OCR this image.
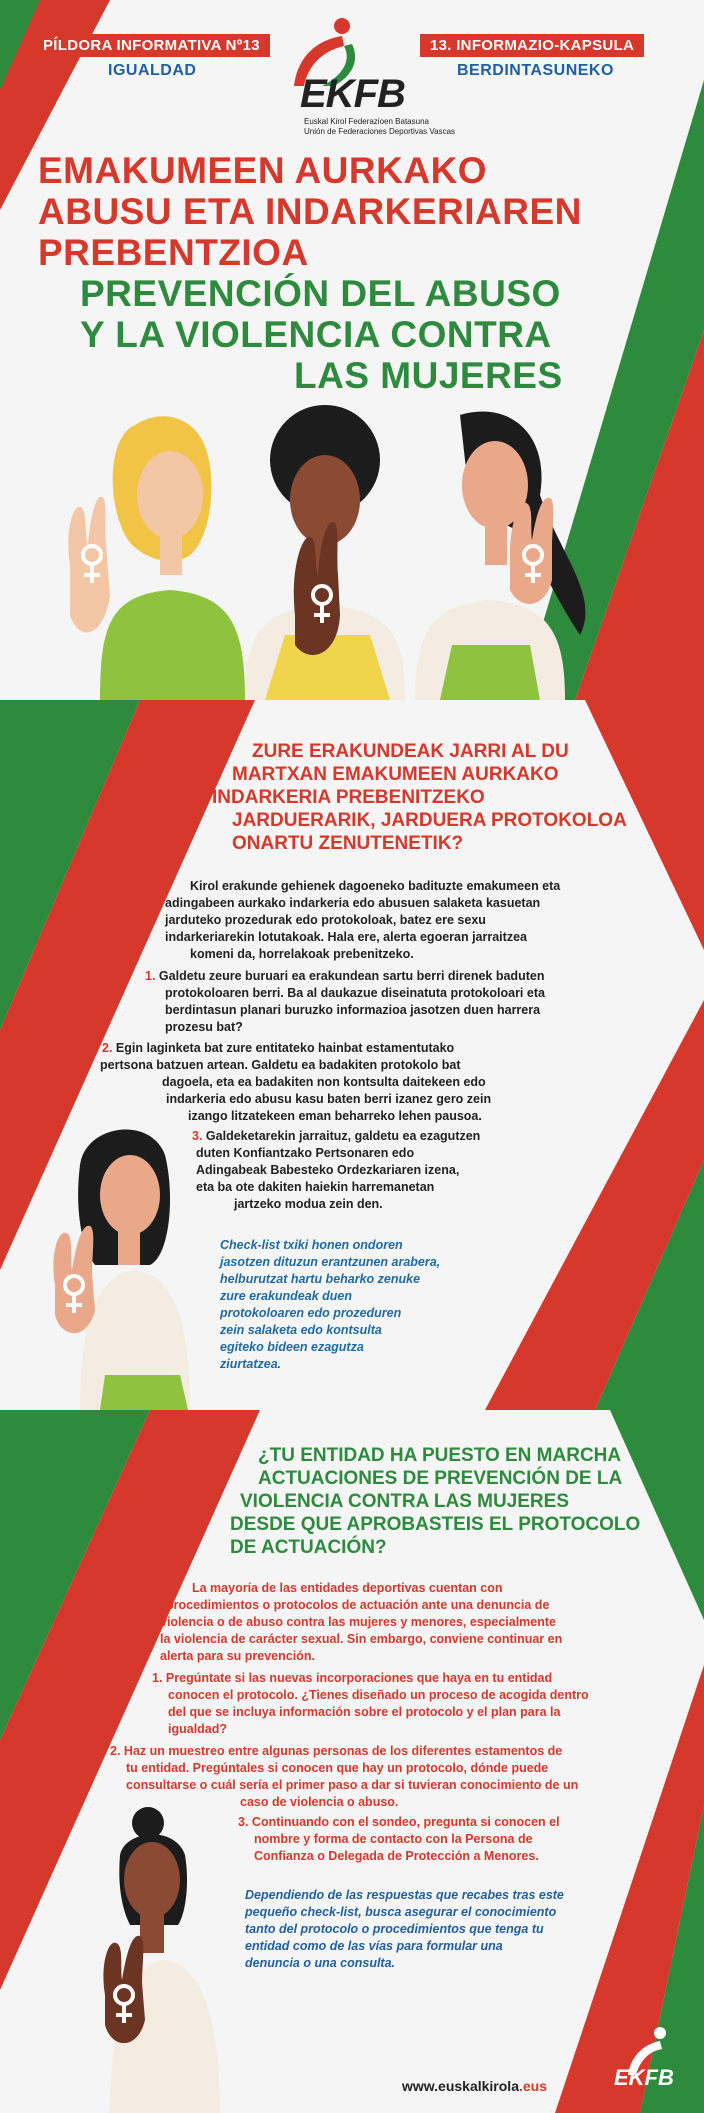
PÍLDORA INFORMATIVA Nº13
IGUALDAD
13. INFORMAZIO-KAPSULA
BERDINTASUNEKO
EKFB
Euskal Kirol Federazioen Batasuna
Unión de Federaciones Deportivas Vascas
EMAKUMEEN AURKAKO
ABUSU ETA INDARKERIAREN
PREBENTZIOA
PREVENCIÓN DEL ABUSO
Y LA VIOLENCIA CONTRA
LAS MUJERES
ZURE ERAKUNDEAK JARRI AL DU
MARTXAN EMAKUMEEN AURKAKO
INDARKERIA PREBENITZEKO
JARDUERARIK, JARDUERA PROTOKOLOA
ONARTU ZENUTENETIK?
Kirol erakunde gehienek dagoeneko badituzte emakumeen eta
adingabeen aurkako indarkeria edo abusuen salaketa kasuetan
jarduteko prozedurak edo protokoloak, batez ere sexu
indarkeriarekin lotutakoak. Hala ere, alerta egoeran jarraitzea
komeni da, horrelakoak prebenitzeko.
1. Galdetu zeure buruari ea erakundean sartu berri direnek baduten
protokoloaren berri. Ba al daukazue diseinatuta protokoloari eta
berdintasun planari buruzko informazioa jasotzen duen harrera
prozesu bat?
2. Egin laginketa bat zure entitateko hainbat estamentutako
pertsona batzuen artean. Galdetu ea badakiten protokolo bat
dagoela, eta ea badakiten non kontsulta daitekeen edo
indarkeria edo abusu kasu baten berri izanez gero zein
izango litzatekeen eman beharreko lehen pausoa.
3. Galdeketarekin jarraituz, galdetu ea ezagutzen
duten Konfiantzako Pertsonaren edo
Adingabeak Babesteko Ordezkariaren izena,
eta ba ote dakiten haiekin harremanetan
jartzeko modua zein den.
Check-list txiki honen ondoren
jasotzen dituzun erantzunen arabera,
helburutzat hartu beharko zenuke
zure erakundeak duen
protokoloaren edo prozeduren
zein salaketa edo kontsulta
egiteko bideen ezagutza
ziurtatzea.
¿TU ENTIDAD HA PUESTO EN MARCHA
ACTUACIONES DE PREVENCIÓN DE LA
VIOLENCIA CONTRA LAS MUJERES
DESDE QUE APROBASTEIS EL PROTOCOLO
DE ACTUACIÓN?
La mayoría de las entidades deportivas cuentan con
procedimientos o protocolos de actuación ante una denuncia de
violencia o de abuso contra las mujeres y menores, especialmente
la violencia de carácter sexual. Sin embargo, conviene continuar en
alerta para su prevención.
1. Pregúntate si las nuevas incorporaciones que haya en tu entidad
conocen el protocolo. ¿Tienes diseñado un proceso de acogida dentro
del que se incluya información sobre el protocolo y el plan para la
igualdad?
2. Haz un muestreo entre algunas personas de los diferentes estamentos de
tu entidad. Pregúntales si conocen que hay un protocolo, dónde puede
consultarse o cuál sería el primer paso a dar si tuvieran conocimiento de un
caso de violencia o abuso.
3. Continuando con el sondeo, pregunta si conocen el
nombre y forma de contacto con la Persona de
Confianza o Delegada de Protección a Menores.
Dependiendo de las respuestas que recabes tras este
pequeño check-list, busca asegurar el conocimiento
tanto del protocolo o procedimientos que tenga tu
entidad como de las vías para formular una
denuncia o una consulta.
EKFB
www.euskalkirola.eus
